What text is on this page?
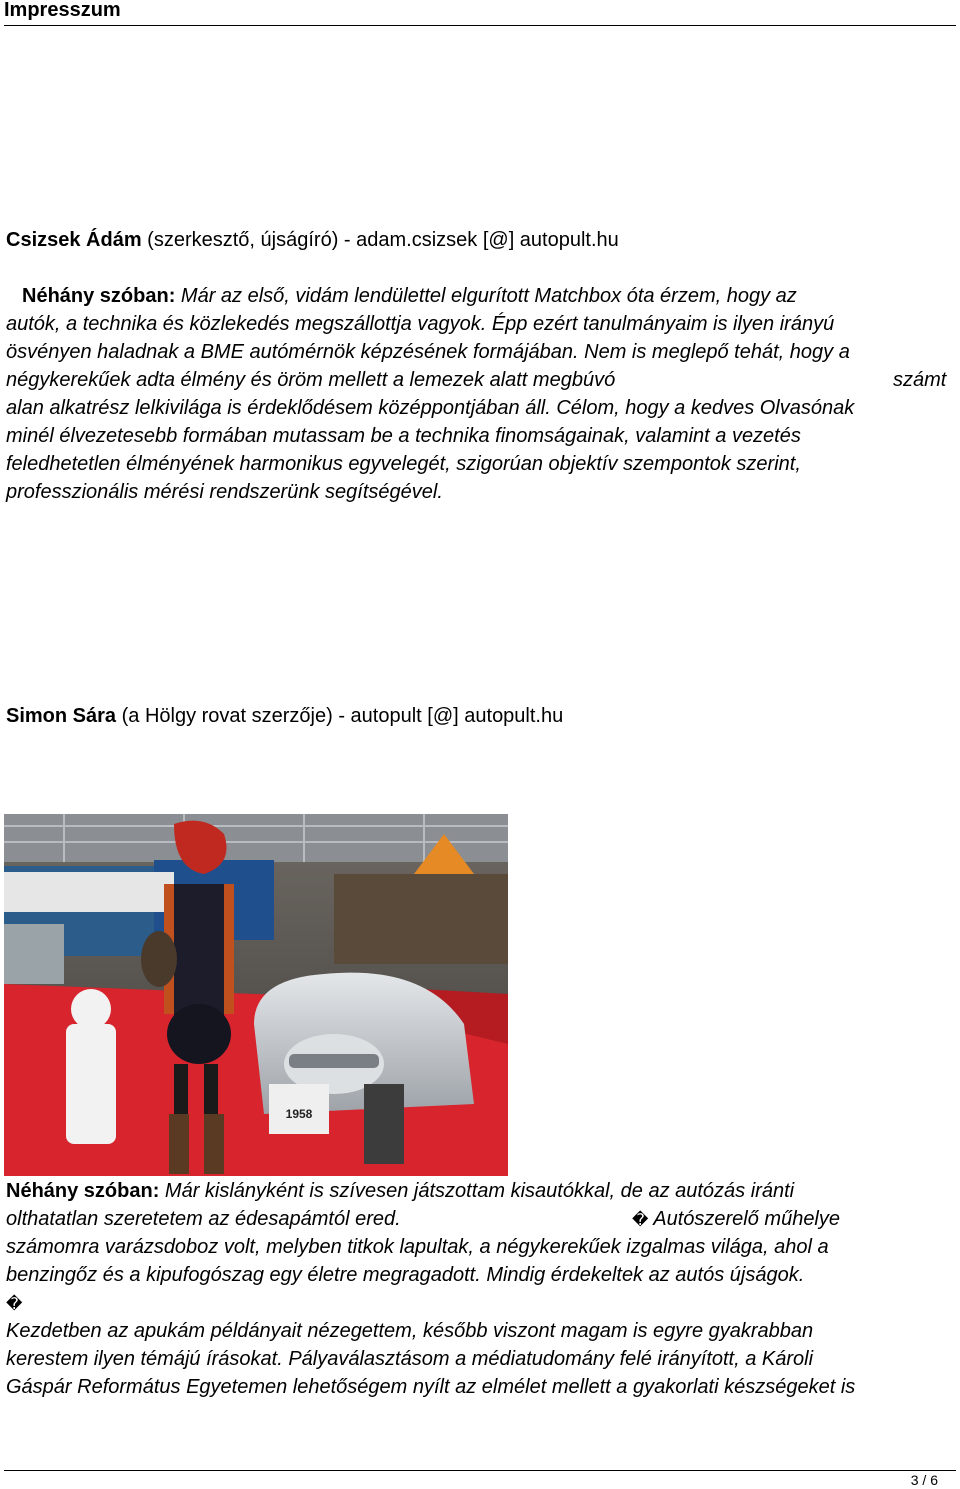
Impresszum

Csizsek Ádám (szerkesztő, újságíró) - adam.csizsek [@] autopult.hu

Néhány szóban: Már az első, vidám lendülettel elgurított Matchbox óta érzem, hogy az

autók, a technika és közlekedés megszállottja vagyok. Épp ezért tanulmányaim is ilyen irányú

ösvényen haladnak a BME autómérnök képzésének formájában. Nem is meglepő tehát, hogy a

négykerekűek adta élmény és öröm mellett a lemezek alatt megbúvó	számt

alan alkatrész lelkivilága is érdeklődésem középpontjában áll. Célom, hogy a kedves Olvasónak

minél élvezetesebb formában mutassam be a technika finomságainak, valamint a vezetés

feledhetetlen élményének harmonikus egyvelegét, szigorúan objektív szempontok szerint,

professzionális mérési rendszerünk segítségével.

Simon Sára (a Hölgy rovat szerzője) - autopult [@] autopult.hu

1958

Néhány szóban: Már kislányként is szívesen játszottam kisautókkal, de az autózás iránti

olthatatlan szeretetem az édesapámtól ered.	� Autószerelő műhelye

számomra varázsdoboz volt, melyben titkok lapultak, a négykerekűek izgalmas világa, ahol a

benzingőz és a kipufogószag egy életre megragadott. Mindig érdekeltek az autós újságok.

�

Kezdetben az apukám példányait nézegettem, később viszont magam is egyre gyakrabban

kerestem ilyen témájú írásokat. Pályaválasztásom a médiatudomány felé irányított, a Károli

Gáspár Református Egyetemen lehetőségem nyílt az elmélet mellett a gyakorlati készségeket is

3 / 6
